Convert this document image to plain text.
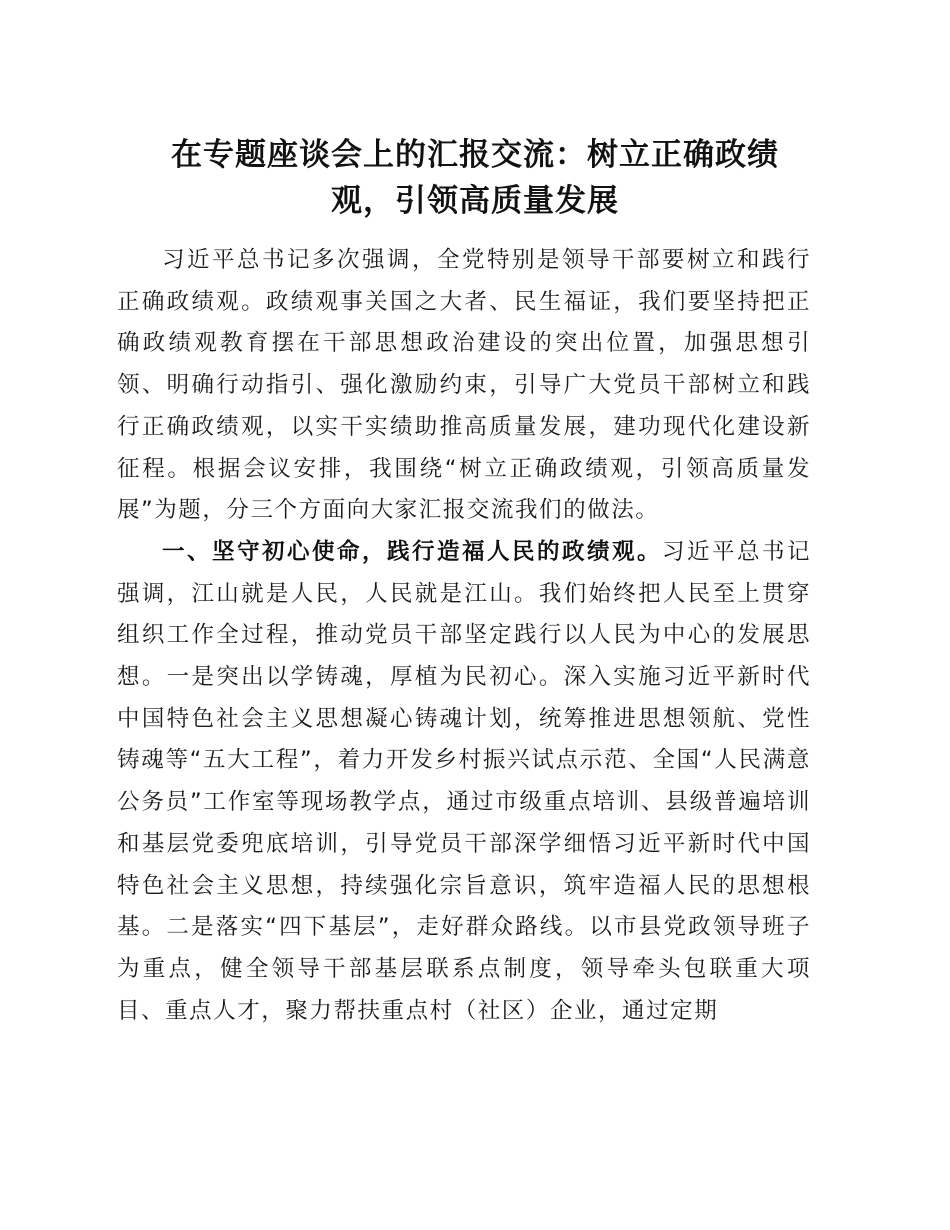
在专题座谈会上的汇报交流：树立正确政绩
观，引领高质量发展

习近平总书记多次强调，全党特别是领导干部要树立和践行正确政绩观。政绩观事关国之大者、民生福证，我们要坚持把正确政绩观教育摆在干部思想政治建设的突出位置，加强思想引领、明确行动指引、强化激励约束，引导广大党员干部树立和践行正确政绩观，以实干实绩助推高质量发展，建功现代化建设新征程。根据会议安排，我围绕“树立正确政绩观，引领高质量发展”为题，分三个方面向大家汇报交流我们的做法。

一、坚守初心使命，践行造福人民的政绩观。习近平总书记强调，江山就是人民，人民就是江山。我们始终把人民至上贯穿组织工作全过程，推动党员干部坚定践行以人民为中心的发展思想。一是突出以学铸魂，厚植为民初心。深入实施习近平新时代中国特色社会主义思想凝心铸魂计划，统筹推进思想领航、党性铸魂等“五大工程”，着力开发乡村振兴试点示范、全国“人民满意公务员”工作室等现场教学点，通过市级重点培训、县级普遍培训和基层党委兜底培训，引导党员干部深学细悟习近平新时代中国特色社会主义思想，持续强化宗旨意识，筑牢造福人民的思想根基。二是落实“四下基层”，走好群众路线。以市县党政领导班子为重点，健全领导干部基层联系点制度，领导牵头包联重大项目、重点人才，聚力帮扶重点村（社区）企业，通过定期
